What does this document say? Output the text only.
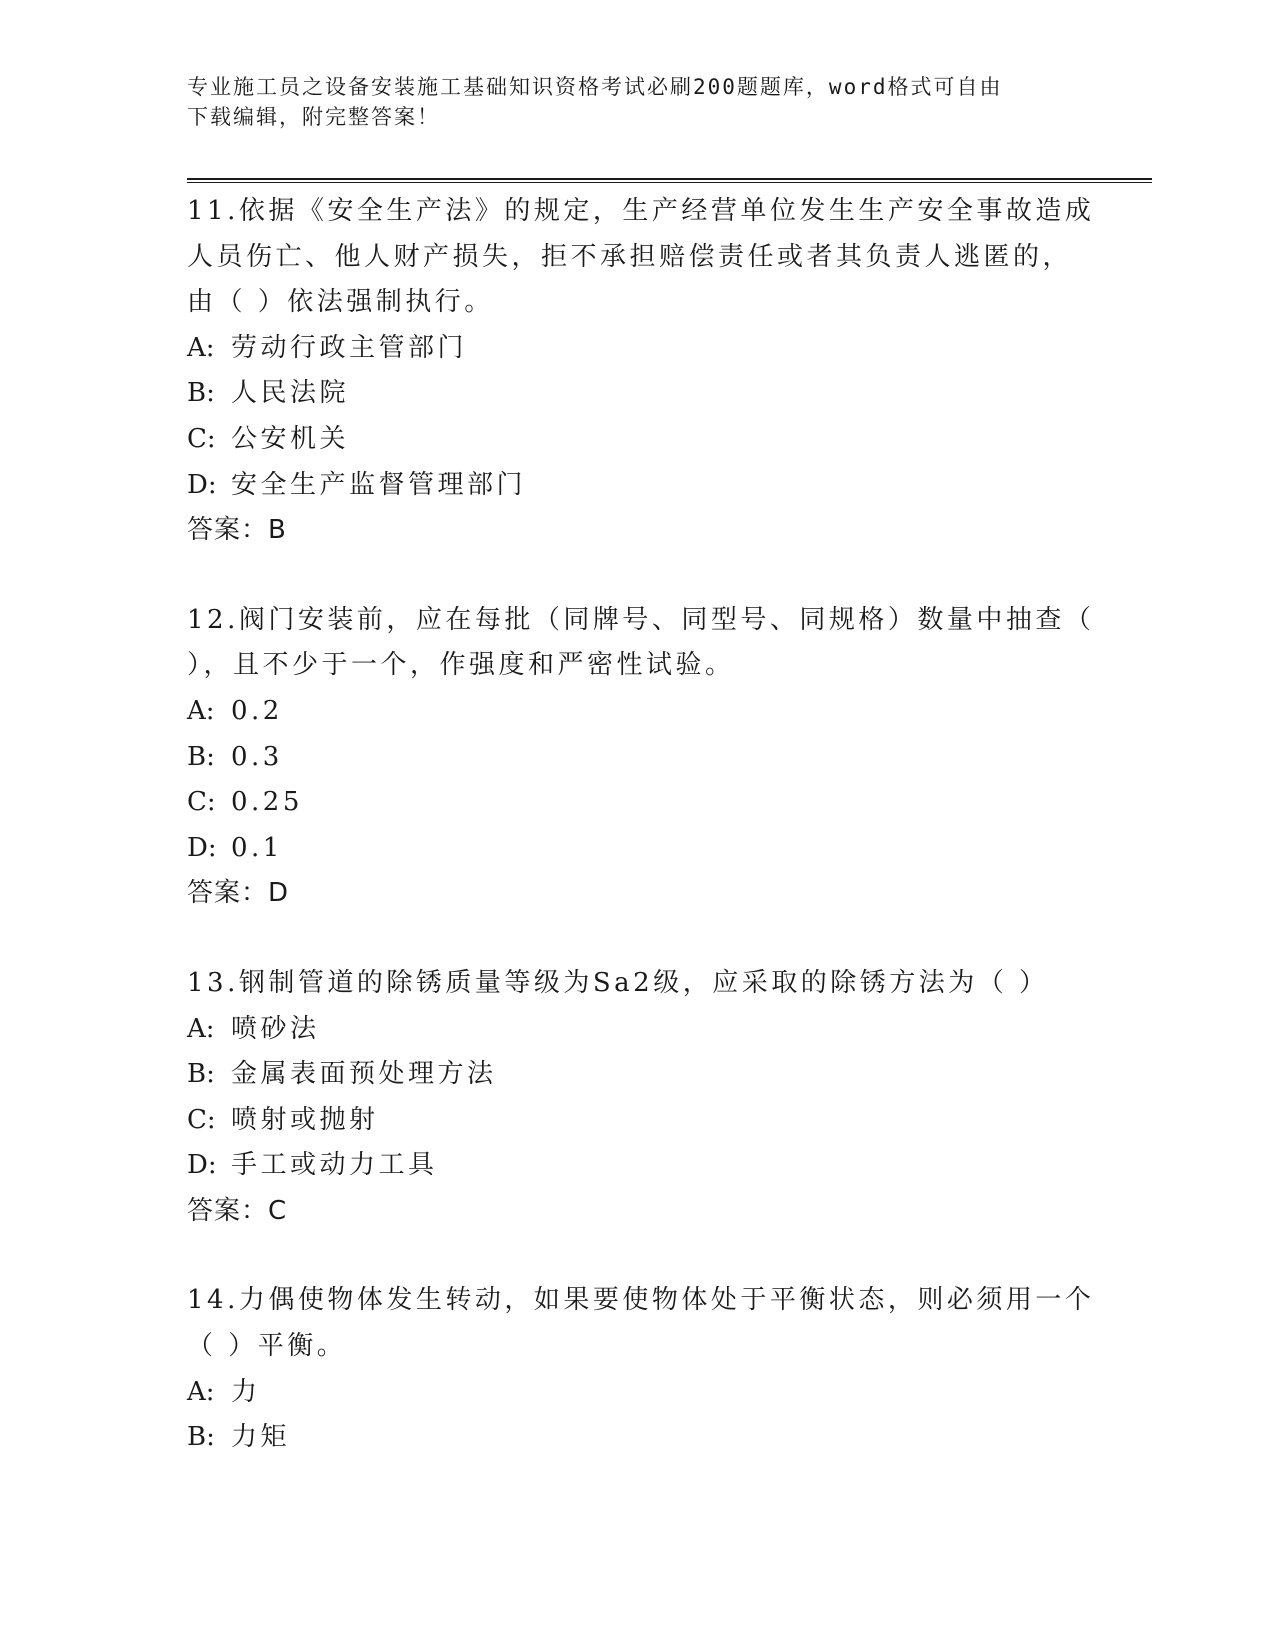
专业施工员之设备安装施工基础知识资格考试必刷200题题库，word格式可自由
下载编辑，附完整答案！
11.依据《安全生产法》的规定，生产经营单位发生生产安全事故造成
人员伤亡、他人财产损失，拒不承担赔偿责任或者其负责人逃匿的，
由（ ）依法强制执行。
A: 劳动行政主管部门
B: 人民法院
C: 公安机关
D: 安全生产监督管理部门
答案：B
12.阀门安装前，应在每批（同牌号、同型号、同规格）数量中抽查（
），且不少于一个，作强度和严密性试验。
A: 0.2
B: 0.3
C: 0.25
D: 0.1
答案：D
13.钢制管道的除锈质量等级为Sa2级，应采取的除锈方法为（ ）
A: 喷砂法
B: 金属表面预处理方法
C: 喷射或抛射
D: 手工或动力工具
答案：C
14.力偶使物体发生转动，如果要使物体处于平衡状态，则必须用一个
（ ）平衡。
A: 力
B: 力矩
